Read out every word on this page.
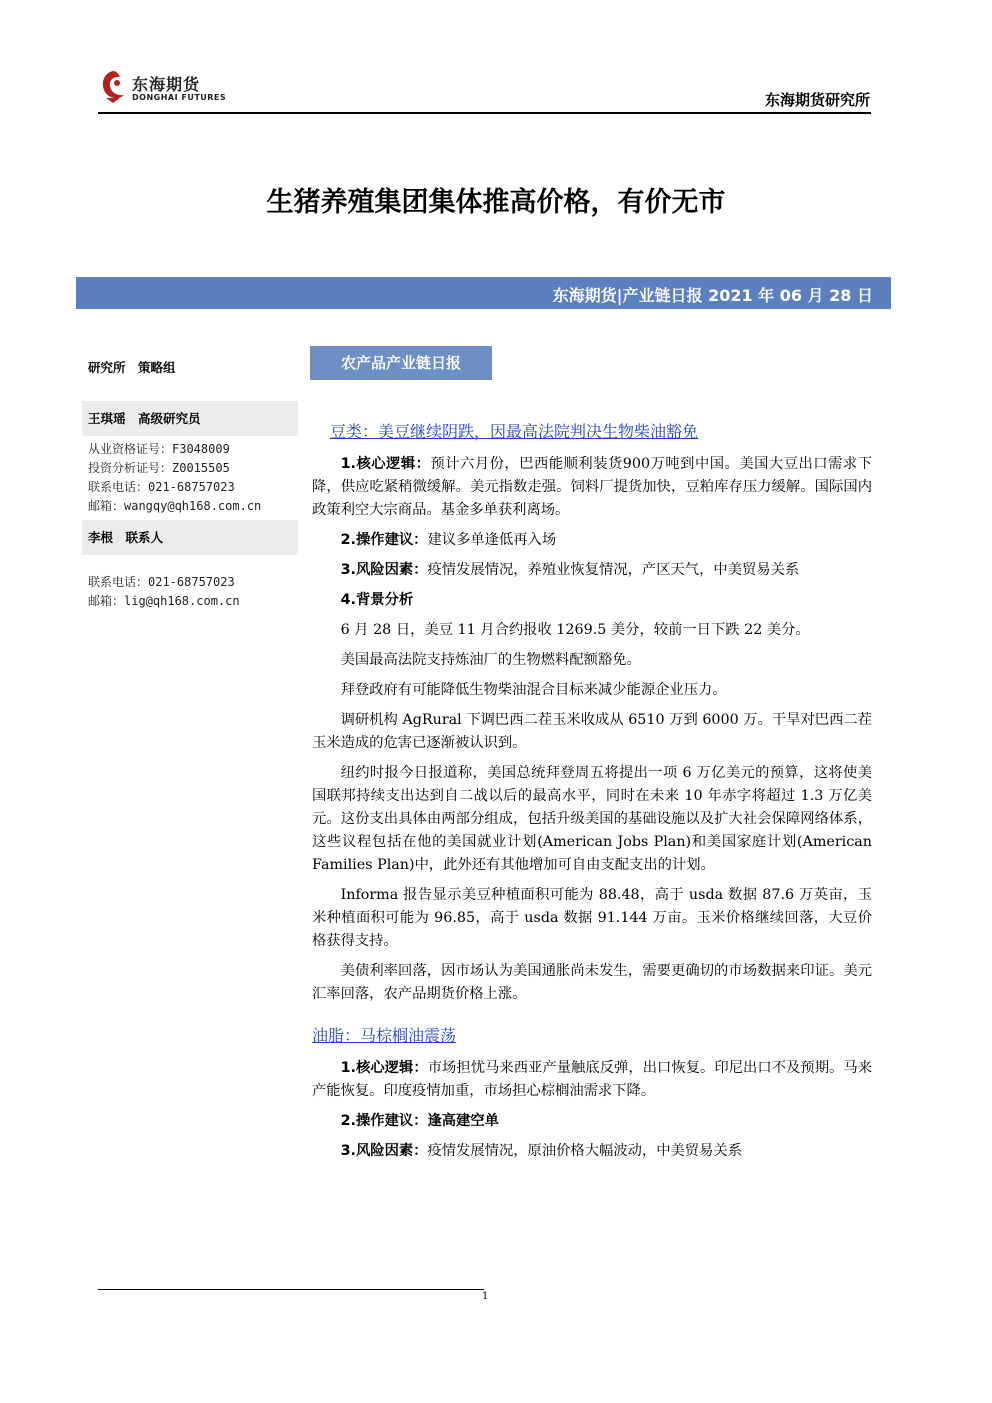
东海期货
DONGHAI FUTURES	东海期货研究所
生猪养殖集团集体推高价格，有价无市
东海期货|产业链日报 2021 年 06 月 28 日
研究所　策略组
王琪瑶　高级研究员
从业资格证号：F3048009
投资分析证号：Z0015505
联系电话：021-68757023
邮箱：wangqy@qh168.com.cn
李根　联系人
联系电话：021-68757023
邮箱：lig@qh168.com.cn
农产品产业链日报
豆类：美豆继续阴跌，因最高法院判决生物柴油豁免

1.核心逻辑：预计六月份，巴西能顺利装货900万吨到中国。美国大豆出口需求下降，供应吃紧稍微缓解。美元指数走强。饲料厂提货加快，豆粕库存压力缓解。国际国内政策利空大宗商品。基金多单获利离场。

2.操作建议：建议多单逢低再入场

3.风险因素：疫情发展情况，养殖业恢复情况，产区天气，中美贸易关系

4.背景分析

6 月 28 日，美豆 11 月合约报收 1269.5 美分，较前一日下跌 22 美分。

美国最高法院支持炼油厂的生物燃料配额豁免。

拜登政府有可能降低生物柴油混合目标来减少能源企业压力。

调研机构 AgRural 下调巴西二茬玉米收成从 6510 万到 6000 万。干旱对巴西二茬玉米造成的危害已逐渐被认识到。

纽约时报今日报道称，美国总统拜登周五将提出一项 6 万亿美元的预算，这将使美国联邦持续支出达到自二战以后的最高水平，同时在未来 10 年赤字将超过 1.3 万亿美元。这份支出具体由两部分组成，包括升级美国的基础设施以及扩大社会保障网络体系，这些议程包括在他的美国就业计划(American Jobs Plan)和美国家庭计划(American Families Plan)中，此外还有其他增加可自由支配支出的计划。

Informa 报告显示美豆种植面积可能为 88.48，高于 usda 数据 87.6 万英亩，玉米种植面积可能为 96.85，高于 usda 数据 91.144 万亩。玉米价格继续回落，大豆价格获得支持。

美债利率回落，因市场认为美国通胀尚未发生，需要更确切的市场数据来印证。美元汇率回落，农产品期货价格上涨。

油脂：马棕榈油震荡

1.核心逻辑：市场担忧马来西亚产量触底反弹，出口恢复。印尼出口不及预期。马来产能恢复。印度疫情加重，市场担心棕榈油需求下降。

2.操作建议：逢高建空单

3.风险因素：疫情发展情况，原油价格大幅波动，中美贸易关系

1
